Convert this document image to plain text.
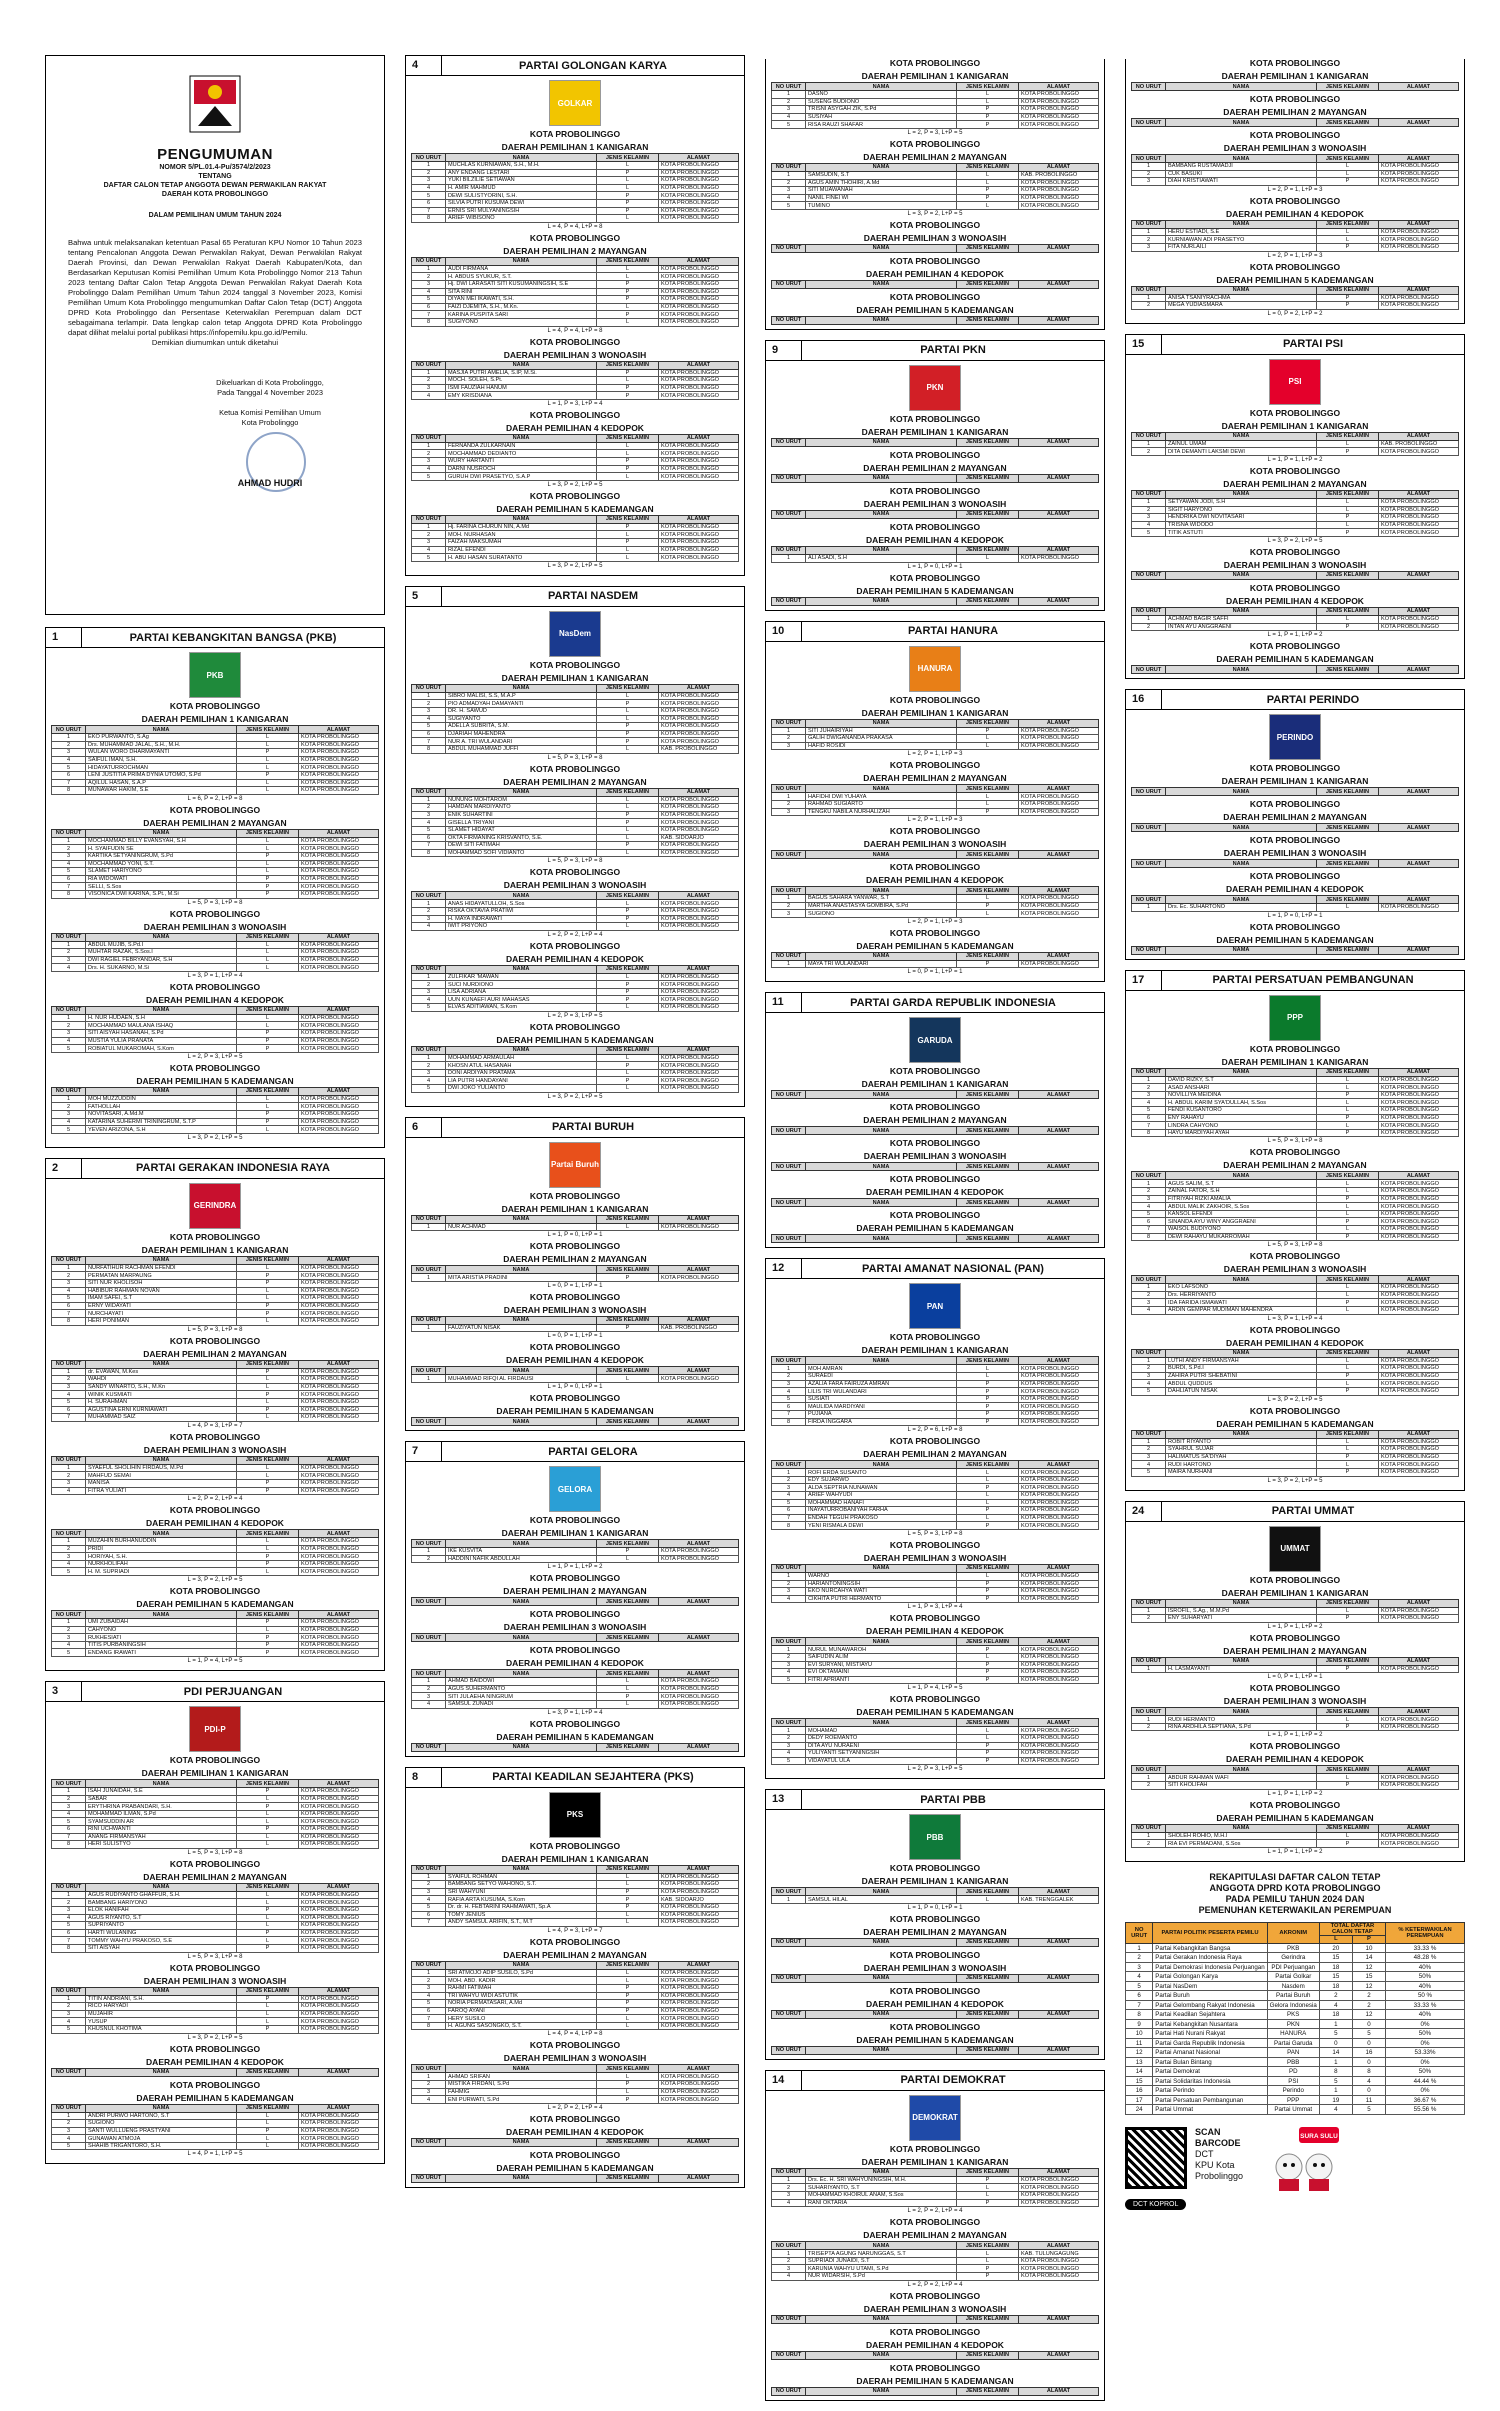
PENGUMUMAN
NOMOR 5/PL.01.4-Pu/3574/2/2023
TENTANG
DAFTAR CALON TETAP ANGGOTA DEWAN PERWAKILAN RAKYAT
DAERAH KOTA PROBOLINGGO
DALAM PEMILIHAN UMUM TAHUN 2024

Bahwa untuk melaksanakan ketentuan Pasal 65 Peraturan KPU Nomor 10 Tahun 2023 tentang Pencalonan Anggota Dewan Perwakilan Rakyat, Dewan Perwakilan Rakyat Daerah Provinsi, dan Dewan Perwakilan Rakyat Daerah Kabupaten/Kota, dan Berdasarkan Keputusan Komisi Pemilihan Umum Kota Probolinggo Nomor 213 Tahun 2023 tentang Daftar Calon Tetap Anggota Dewan Perwakilan Rakyat Daerah Kota Probolinggo Dalam Pemilihan Umum Tahun 2024 tanggal 3 November 2023, Komisi Pemilihan Umum Kota Probolinggo mengumumkan Daftar Calon Tetap (DCT) Anggota DPRD Kota Probolinggo dan Persentase Keterwakilan Perempuan dalam DCT sebagaimana terlampir. Data lengkap calon tetap Anggota DPRD Kota Probolinggo dapat dilihat melalui portal publikasi https://infopemilu.kpu.go.id/Pemilu.

Demikian diumumkan untuk diketahui

Dikeluarkan di Kota Probolinggo,
Pada Tanggal 4 November 2023
Ketua Komisi Pemilihan Umum
Kota Probolinggo
AHMAD HUDRI
1	PARTAI KEBANGKITAN BANGSA (PKB)
PKB
KOTA PROBOLINGGO
DAERAH PEMILIHAN 1 KANIGARAN
NO URUT	NAMA	JENIS KELAMIN	ALAMAT
1	EKO PURWANTO, S.Ag	L	KOTA PROBOLINGGO
2	Drs. MUHAMMAD JALAL, S.H., M.H.	L	KOTA PROBOLINGGO
3	WULAN WORO DHARMAYANTI	P	KOTA PROBOLINGGO
4	SAIFUL IMAN, S.H.	L	KOTA PROBOLINGGO
5	HIDAYATURROCHMAN	L	KOTA PROBOLINGGO
6	LENI JUSTITIA PRIMA DYNIA UTOMO, S.Pd	P	KOTA PROBOLINGGO
7	AQILUL HASAN, S.A.P	L	KOTA PROBOLINGGO
8	MUNAWAR HAKIM, S.E	L	KOTA PROBOLINGGO
L = 6, P = 2, L+P = 8
KOTA PROBOLINGGO
DAERAH PEMILIHAN 2 MAYANGAN
NO URUT	NAMA	JENIS KELAMIN	ALAMAT
1	MOCHAMMAD BILLY EVANSYAH, S.H	L	KOTA PROBOLINGGO
2	H. SYAIFUDIN SE	L	KOTA PROBOLINGGO
3	KARTIKA SETYANINGRUM, S.Pd	P	KOTA PROBOLINGGO
4	MOCHAMMAD YONI, S.T.	L	KOTA PROBOLINGGO
5	SLAMET HARIYONO	L	KOTA PROBOLINGGO
6	RIA WIDOWATI	P	KOTA PROBOLINGGO
7	SELLI, S.Sos	P	KOTA PROBOLINGGO
8	VISONICA DWI KARINA, S.Pt., M.Si	P	KOTA PROBOLINGGO
L = 5, P = 3, L+P = 8
KOTA PROBOLINGGO
DAERAH PEMILIHAN 3 WONOASIH
NO URUT	NAMA	JENIS KELAMIN	ALAMAT
1	ABDUL MUJIB, S.Pd.I	L	KOTA PROBOLINGGO
2	MUHTAR RAZAK, S.Sos.I	L	KOTA PROBOLINGGO
3	DWI RAGIEL FEBRYANDAR, S.H	L	KOTA PROBOLINGGO
4	Drs. H. SUKARNO, M.Si	L	KOTA PROBOLINGGO
L = 3, P = 1, L+P = 4
KOTA PROBOLINGGO
DAERAH PEMILIHAN 4 KEDOPOK
NO URUT	NAMA	JENIS KELAMIN	ALAMAT
1	H. NUR HUDAEN, S.H	L	KOTA PROBOLINGGO
2	MOCHAMMAD MAULANA ISHAQ	L	KOTA PROBOLINGGO
3	SITI AISYAH HASANAH, S.Pd	P	KOTA PROBOLINGGO
4	MUSTIA YULIA PRANATA	P	KOTA PROBOLINGGO
5	ROBIATUL MUKAROMAH, S.Kom	P	KOTA PROBOLINGGO
L = 2, P = 3, L+P = 5
KOTA PROBOLINGGO
DAERAH PEMILIHAN 5 KADEMANGAN
NO URUT	NAMA	JENIS KELAMIN	ALAMAT
1	MOH MUZZUDDIN	L	KOTA PROBOLINGGO
2	FATHOLLAH	L	KOTA PROBOLINGGO
3	NOVITASARI, A.Md.M	P	KOTA PROBOLINGGO
4	KATARINA SUHERMI TRININGRUM, S.T.P	P	KOTA PROBOLINGGO
5	YEVEN ARIZONA, S.H	L	KOTA PROBOLINGGO
L = 3, P = 2, L+P = 5
2	PARTAI GERAKAN INDONESIA RAYA
GERINDRA
KOTA PROBOLINGGO
DAERAH PEMILIHAN 1 KANIGARAN
NO URUT	NAMA	JENIS KELAMIN	ALAMAT
1	NURFATIHUR RACHMAN EFENDI	L	KOTA PROBOLINGGO
2	PERMATAN MARPAUNG	P	KOTA PROBOLINGGO
3	SITI NUR KHOLISOH	P	KOTA PROBOLINGGO
4	HABIBUR RAHMAN NOVAN	L	KOTA PROBOLINGGO
5	IMAM SAFEI, S.T	L	KOTA PROBOLINGGO
6	ERNY WIDAYATI	P	KOTA PROBOLINGGO
7	NURCHAYATI	P	KOTA PROBOLINGGO
8	HERI PONIMAN	L	KOTA PROBOLINGGO
L = 5, P = 3, L+P = 8
KOTA PROBOLINGGO
DAERAH PEMILIHAN 2 MAYANGAN
NO URUT	NAMA	JENIS KELAMIN	ALAMAT
1	dr. EVAWAN, M.Kes	P	KOTA PROBOLINGGO
2	WAHDI	L	KOTA PROBOLINGGO
3	SANDY WINARTO, S.H., M.Kn	L	KOTA PROBOLINGGO
4	WINIK KUSMIATI	P	KOTA PROBOLINGGO
5	H. SURAHMAN	L	KOTA PROBOLINGGO
6	AGUSTINA ERNI KURNIAWATI	P	KOTA PROBOLINGGO
7	MUHAMMAD SAIZ	L	KOTA PROBOLINGGO
L = 4, P = 3, L+P = 7
KOTA PROBOLINGGO
DAERAH PEMILIHAN 3 WONOASIH
NO URUT	NAMA	JENIS KELAMIN	ALAMAT
1	SYAEFUL SHOLIHIN FIRDAUS, M.Pd	L	KOTA PROBOLINGGO
2	MAHFUD SEMAI	L	KOTA PROBOLINGGO
3	MANISA	P	KOTA PROBOLINGGO
4	FITRA YULIATI	P	KOTA PROBOLINGGO
L = 2, P = 2, L+P = 4
KOTA PROBOLINGGO
DAERAH PEMILIHAN 4 KEDOPOK
NO URUT	NAMA	JENIS KELAMIN	ALAMAT
1	MUZAHIN BURHANUDDIN	L	KOTA PROBOLINGGO
2	PRIDI	L	KOTA PROBOLINGGO
3	HORIYAH, S.H.	P	KOTA PROBOLINGGO
4	NURKHOLIFAH	P	KOTA PROBOLINGGO
5	H. M. SUPRIADI	L	KOTA PROBOLINGGO
L = 3, P = 2, L+P = 5
KOTA PROBOLINGGO
DAERAH PEMILIHAN 5 KADEMANGAN
NO URUT	NAMA	JENIS KELAMIN	ALAMAT
1	UMI ZUBAIDAH	P	KOTA PROBOLINGGO
2	CAHYONO	L	KOTA PROBOLINGGO
3	RUKHESIATI	P	KOTA PROBOLINGGO
4	TITIS PURBANINGSIH	P	KOTA PROBOLINGGO
5	ENDANG IRAWATI	P	KOTA PROBOLINGGO
L = 1, P = 4, L+P = 5
3	PDI PERJUANGAN
PDI-P
KOTA PROBOLINGGO
DAERAH PEMILIHAN 1 KANIGARAN
NO URUT	NAMA	JENIS KELAMIN	ALAMAT
1	ISAH JUNAIDAH, S.E	P	KOTA PROBOLINGGO
2	SABAR	L	KOTA PROBOLINGGO
3	ERYTHRINA PRABANDARI, S.H.	P	KOTA PROBOLINGGO
4	MOHAMMAD ILMAN, S.Pd	L	KOTA PROBOLINGGO
5	SYAMSUDDIN AR	L	KOTA PROBOLINGGO
6	RINI UCHWANTI	P	KOTA PROBOLINGGO
7	ANANG FIRMANSYAH	L	KOTA PROBOLINGGO
8	HERI SULISTYO	L	KOTA PROBOLINGGO
L = 5, P = 3, L+P = 8
KOTA PROBOLINGGO
DAERAH PEMILIHAN 2 MAYANGAN
NO URUT	NAMA	JENIS KELAMIN	ALAMAT
1	AGUS RUDIYANTO GHAFFUR, S.H.	L	KOTA PROBOLINGGO
2	BAMBANG HARIYONO	L	KOTA PROBOLINGGO
3	ELOK HANIFAH	P	KOTA PROBOLINGGO
4	AGUS RIYANTO, S.T	L	KOTA PROBOLINGGO
5	SUPRIYANTO	L	KOTA PROBOLINGGO
6	HARTI WULANING	P	KOTA PROBOLINGGO
7	TOMMY WAHYU PRAKOSO, S.E	L	KOTA PROBOLINGGO
8	SITI AISYAH	P	KOTA PROBOLINGGO
L = 5, P = 3, L+P = 8
KOTA PROBOLINGGO
DAERAH PEMILIHAN 3 WONOASIH
NO URUT	NAMA	JENIS KELAMIN	ALAMAT
1	TITIN ANDRIANI, S.H.	P	KOTA PROBOLINGGO
2	RICO HARYADI	L	KOTA PROBOLINGGO
3	MUJAHIR	L	KOTA PROBOLINGGO
4	YUSUP	L	KOTA PROBOLINGGO
5	KHUSNUL KHOTIMA	P	KOTA PROBOLINGGO
L = 3, P = 2, L+P = 5
KOTA PROBOLINGGO
DAERAH PEMILIHAN 4 KEDOPOK
NO URUT	NAMA	JENIS KELAMIN	ALAMAT
KOTA PROBOLINGGO
DAERAH PEMILIHAN 5 KADEMANGAN
NO URUT	NAMA	JENIS KELAMIN	ALAMAT
1	ANDRI PURWO HARTONO, S.T	L	KOTA PROBOLINGGO
2	SUGIONO	L	KOTA PROBOLINGGO
3	SANTI WULLUENG PRASTYANI	P	KOTA PROBOLINGGO
4	GUNAWAN ATMOJA	L	KOTA PROBOLINGGO
5	SHAHIB TRIGANTORO, S.H.	L	KOTA PROBOLINGGO
L = 4, P = 1, L+P = 5
4	PARTAI GOLONGAN KARYA
GOLKAR
KOTA PROBOLINGGO
DAERAH PEMILIHAN 1 KANIGARAN
NO URUT	NAMA	JENIS KELAMIN	ALAMAT
1	MUCHLAS KURNIAWAN, S.H., M.H.	L	KOTA PROBOLINGGO
2	ANY ENDANG LESTARI	P	KOTA PROBOLINGGO
3	YUKI BILZILIE SETIAWAN	L	KOTA PROBOLINGGO
4	H. AMIR MAHMUD	L	KOTA PROBOLINGGO
5	DEWI SULISTYORINI, S.H.	P	KOTA PROBOLINGGO
6	SILVIA PUTRI KUSUMA DEWI	P	KOTA PROBOLINGGO
7	ERNIS SRI MULYANINGSIH	P	KOTA PROBOLINGGO
8	ARIEF WIBISONO	L	KOTA PROBOLINGGO
L = 4, P = 4, L+P = 8
KOTA PROBOLINGGO
DAERAH PEMILIHAN 2 MAYANGAN
NO URUT	NAMA	JENIS KELAMIN	ALAMAT
1	AUDI FIRMANA	L	KOTA PROBOLINGGO
2	H. ABDUS SYUKUR, S.T.	L	KOTA PROBOLINGGO
3	Hj. DWI LARASATI SITI KUSUMANINGSIH, S.E	P	KOTA PROBOLINGGO
4	SITA RINI	P	KOTA PROBOLINGGO
5	DIYAN MEI IKAWATI, S.H.	P	KOTA PROBOLINGGO
6	FAIZI DJEMITA, S.H., M.Kn.	L	KOTA PROBOLINGGO
7	KARINA PUSPITA SARI	P	KOTA PROBOLINGGO
8	SUGIYONO	L	KOTA PROBOLINGGO
L = 4, P = 4, L+P = 8
KOTA PROBOLINGGO
DAERAH PEMILIHAN 3 WONOASIH
NO URUT	NAMA	JENIS KELAMIN	ALAMAT
1	MASJIA PUTRI AMELIA, S.IP, M.Si.	P	KOTA PROBOLINGGO
2	MOCH. SOLEH, S.Pt.	L	KOTA PROBOLINGGO
3	ISMI FAUZIAH HANUM	P	KOTA PROBOLINGGO
4	EMY KRISDIANA	P	KOTA PROBOLINGGO
L = 1, P = 3, L+P = 4
KOTA PROBOLINGGO
DAERAH PEMILIHAN 4 KEDOPOK
NO URUT	NAMA	JENIS KELAMIN	ALAMAT
1	FERNANDA ZULKARNAIN	L	KOTA PROBOLINGGO
2	MOCHAMMAD DEDIANTO	L	KOTA PROBOLINGGO
3	WURY HARTANTI	P	KOTA PROBOLINGGO
4	DARNI NUSROCH	P	KOTA PROBOLINGGO
5	GURUH DWI PRASETYO, S.A.P	L	KOTA PROBOLINGGO
L = 3, P = 2, L+P = 5
KOTA PROBOLINGGO
DAERAH PEMILIHAN 5 KADEMANGAN
NO URUT	NAMA	JENIS KELAMIN	ALAMAT
1	Hj. FARINA CHURUN NIN, A.Md	P	KOTA PROBOLINGGO
2	MOH. NURHASAN	L	KOTA PROBOLINGGO
3	FAIZAH MAKSUMAH	P	KOTA PROBOLINGGO
4	RIZAL EFENDI	L	KOTA PROBOLINGGO
5	H. ABU HASAN SURATANTO	L	KOTA PROBOLINGGO
L = 3, P = 2, L+P = 5
5	PARTAI NASDEM
NasDem
KOTA PROBOLINGGO
DAERAH PEMILIHAN 1 KANIGARAN
NO URUT	NAMA	JENIS KELAMIN	ALAMAT
1	SIBRO MALISI, S.S, M.A.P	L	KOTA PROBOLINGGO
2	PIO ADMADYAH DAMAYANTI	P	KOTA PROBOLINGGO
3	DR. H. SAWUD	L	KOTA PROBOLINGGO
4	SUGIYANTO	L	KOTA PROBOLINGGO
5	ADELLA SUBRITA, S.M.	P	KOTA PROBOLINGGO
6	DJARIAH MAHENDRA	P	KOTA PROBOLINGGO
7	NUR A. TRI WULANDARI	P	KOTA PROBOLINGGO
8	ABDUL MUHAMMAD JUFFI	L	KAB. PROBOLINGGO
L = 5, P = 3, L+P = 8
KOTA PROBOLINGGO
DAERAH PEMILIHAN 2 MAYANGAN
NO URUT	NAMA	JENIS KELAMIN	ALAMAT
1	NUNUNG MOHTAROM	L	KOTA PROBOLINGGO
2	HAMDAN MARDIYANTO	L	KOTA PROBOLINGGO
3	ENIK SUHARTINI	P	KOTA PROBOLINGGO
4	GISELLA TRIYANI	P	KOTA PROBOLINGGO
5	SLAMET HIDAYAT	L	KOTA PROBOLINGGO
6	OKTA FIRMANING KRISVANTO, S.E.	L	KAB. SIDOARJO
7	DEWI SITI FATIMAH	P	KOTA PROBOLINGGO
8	MOHAMMAD SOFI VIDIANTO	L	KOTA PROBOLINGGO
L = 5, P = 3, L+P = 8
KOTA PROBOLINGGO
DAERAH PEMILIHAN 3 WONOASIH
NO URUT	NAMA	JENIS KELAMIN	ALAMAT
1	ANAS HIDAYATULLOH, S.Sos	L	KOTA PROBOLINGGO
2	RISKA OKTAVIA PRATIWI	P	KOTA PROBOLINGGO
3	H. MAYA INDRAWATI	P	KOTA PROBOLINGGO
4	IWIT PRIYONO	L	KOTA PROBOLINGGO
L = 2, P = 2, L+P = 4
KOTA PROBOLINGGO
DAERAH PEMILIHAN 4 KEDOPOK
NO URUT	NAMA	JENIS KELAMIN	ALAMAT
1	ZULFIKAR 'MAWAN	L	KOTA PROBOLINGGO
2	SUCI NURDIONO	P	KOTA PROBOLINGGO
3	LISA ADRIANA	P	KOTA PROBOLINGGO
4	UUN KUNAEFI AURI MAHASAS	P	KOTA PROBOLINGGO
5	ELVAS ADITIAWAN, S.Kom	L	KOTA PROBOLINGGO
L = 2, P = 3, L+P = 5
KOTA PROBOLINGGO
DAERAH PEMILIHAN 5 KADEMANGAN
NO URUT	NAMA	JENIS KELAMIN	ALAMAT
1	MOHAMMAD ARMAULAH	L	KOTA PROBOLINGGO
2	KHOSN ATUL HASANAH	P	KOTA PROBOLINGGO
3	DONI ARDIYAN PRATAMA	L	KOTA PROBOLINGGO
4	LIA PUTRI HANDAYANI	P	KOTA PROBOLINGGO
5	DWI JOKO YULIANTO	L	KOTA PROBOLINGGO
L = 3, P = 2, L+P = 5
6	PARTAI BURUH
Partai Buruh
KOTA PROBOLINGGO
DAERAH PEMILIHAN 1 KANIGARAN
NO URUT	NAMA	JENIS KELAMIN	ALAMAT
1	NUR ACHMAD	L	KOTA PROBOLINGGO
L = 1, P = 0, L+P = 1
KOTA PROBOLINGGO
DAERAH PEMILIHAN 2 MAYANGAN
NO URUT	NAMA	JENIS KELAMIN	ALAMAT
1	MITA ARISTIA PRADINI	P	KOTA PROBOLINGGO
L = 0, P = 1, L+P = 1
KOTA PROBOLINGGO
DAERAH PEMILIHAN 3 WONOASIH
NO URUT	NAMA	JENIS KELAMIN	ALAMAT
1	FAUZIYATUN NISAK	P	KAB. PROBOLINGGO
L = 0, P = 1, L+P = 1
KOTA PROBOLINGGO
DAERAH PEMILIHAN 4 KEDOPOK
NO URUT	NAMA	JENIS KELAMIN	ALAMAT
1	MUHAMMAD RIFQI AL FIRDAUSI	L	KOTA PROBOLINGGO
L = 1, P = 0, L+P = 1
KOTA PROBOLINGGO
DAERAH PEMILIHAN 5 KADEMANGAN
NO URUT	NAMA	JENIS KELAMIN	ALAMAT
7	PARTAI GELORA
GELORA
KOTA PROBOLINGGO
DAERAH PEMILIHAN 1 KANIGARAN
NO URUT	NAMA	JENIS KELAMIN	ALAMAT
1	IKE KUSVITA	P	KOTA PROBOLINGGO
2	HADDINI NAFIK ABDULLAH	L	KOTA PROBOLINGGO
L = 1, P = 1, L+P = 2
KOTA PROBOLINGGO
DAERAH PEMILIHAN 2 MAYANGAN
NO URUT	NAMA	JENIS KELAMIN	ALAMAT
KOTA PROBOLINGGO
DAERAH PEMILIHAN 3 WONOASIH
NO URUT	NAMA	JENIS KELAMIN	ALAMAT
KOTA PROBOLINGGO
DAERAH PEMILIHAN 4 KEDOPOK
NO URUT	NAMA	JENIS KELAMIN	ALAMAT
1	AHMAD BAIDOWI	L	KOTA PROBOLINGGO
2	AGUS SUHERMANTO	L	KOTA PROBOLINGGO
3	SITI JULAEHA NINGRUM	P	KOTA PROBOLINGGO
4	SAMSUL ZUNADI	L	KOTA PROBOLINGGO
L = 3, P = 1, L+P = 4
KOTA PROBOLINGGO
DAERAH PEMILIHAN 5 KADEMANGAN
NO URUT	NAMA	JENIS KELAMIN	ALAMAT
8	PARTAI KEADILAN SEJAHTERA (PKS)
PKS
KOTA PROBOLINGGO
DAERAH PEMILIHAN 1 KANIGARAN
NO URUT	NAMA	JENIS KELAMIN	ALAMAT
1	SYAIFUL ROHMAN	L	KOTA PROBOLINGGO
2	BAMBANG SETYO WAHONO, S.T.	L	KOTA PROBOLINGGO
3	SRI WAHYUNI	P	KOTA PROBOLINGGO
4	RAFIA ARTA KUSUMA, S.Kom	P	KAB. SIDOARJO
5	Dr. dr. H. FEBTARINI RAHMAWATI, Sp.A	P	KOTA PROBOLINGGO
6	TOMY JENIUS	L	KOTA PROBOLINGGO
7	ANDY SAMSUL ARIFIN, S.T., M.T	L	KOTA PROBOLINGGO
L = 4, P = 3, L+P = 7
KOTA PROBOLINGGO
DAERAH PEMILIHAN 2 MAYANGAN
NO URUT	NAMA	JENIS KELAMIN	ALAMAT
1	SRI ATMOJO ADIP SUSILO, S.Pd	L	KOTA PROBOLINGGO
2	MOH. ABD. KADIR	L	KOTA PROBOLINGGO
3	RAHMI FATIMAH	P	KOTA PROBOLINGGO
4	TRI WAHYU WIDI ASTUTIK	P	KOTA PROBOLINGGO
5	NORIA PERMATASARI, A.Md	P	KOTA PROBOLINGGO
6	FAROQ AYANI	P	KOTA PROBOLINGGO
7	HERY SUSILO	L	KOTA PROBOLINGGO
8	H. AGUNG SASONGKO, S.T.	L	KOTA PROBOLINGGO
L = 4, P = 4, L+P = 8
KOTA PROBOLINGGO
DAERAH PEMILIHAN 3 WONOASIH
NO URUT	NAMA	JENIS KELAMIN	ALAMAT
1	AHMAD SRIFAN	L	KOTA PROBOLINGGO
2	MISTIKA FIRDANI, S.Pd	P	KOTA PROBOLINGGO
3	FAHMIG	L	KOTA PROBOLINGGO
4	ENI PURWATI, S.Pd	P	KOTA PROBOLINGGO
L = 2, P = 2, L+P = 4
KOTA PROBOLINGGO
DAERAH PEMILIHAN 4 KEDOPOK
NO URUT	NAMA	JENIS KELAMIN	ALAMAT
KOTA PROBOLINGGO
DAERAH PEMILIHAN 5 KADEMANGAN
NO URUT	NAMA	JENIS KELAMIN	ALAMAT
KOTA PROBOLINGGO
DAERAH PEMILIHAN 1 KANIGARAN
NO URUT	NAMA	JENIS KELAMIN	ALAMAT
1	DASNO	L	KOTA PROBOLINGGO
2	SUSENG BUDIONO	L	KOTA PROBOLINGGO
3	TRISNI ASYGAH ZIK, S.Pd	P	KOTA PROBOLINGGO
4	SUSIYAH	P	KOTA PROBOLINGGO
5	RISA RAUZI SHAFAR	P	KOTA PROBOLINGGO
L = 2, P = 3, L+P = 5
KOTA PROBOLINGGO
DAERAH PEMILIHAN 2 MAYANGAN
NO URUT	NAMA	JENIS KELAMIN	ALAMAT
1	SAMSUDIN, S.T	L	KAB. PROBOLINGGO
2	AGUS AMIN THOHIRI, A.Md	L	KOTA PROBOLINGGO
3	SITI MUAWANAH	P	KOTA PROBOLINGGO
4	NANIL FINEI WI	P	KOTA PROBOLINGGO
5	TUMINO	L	KOTA PROBOLINGGO
L = 3, P = 2, L+P = 5
KOTA PROBOLINGGO
DAERAH PEMILIHAN 3 WONOASIH
NO URUT	NAMA	JENIS KELAMIN	ALAMAT
KOTA PROBOLINGGO
DAERAH PEMILIHAN 4 KEDOPOK
NO URUT	NAMA	JENIS KELAMIN	ALAMAT
KOTA PROBOLINGGO
DAERAH PEMILIHAN 5 KADEMANGAN
NO URUT	NAMA	JENIS KELAMIN	ALAMAT
9	PARTAI PKN
PKN
KOTA PROBOLINGGO
DAERAH PEMILIHAN 1 KANIGARAN
NO URUT	NAMA	JENIS KELAMIN	ALAMAT
KOTA PROBOLINGGO
DAERAH PEMILIHAN 2 MAYANGAN
NO URUT	NAMA	JENIS KELAMIN	ALAMAT
KOTA PROBOLINGGO
DAERAH PEMILIHAN 3 WONOASIH
NO URUT	NAMA	JENIS KELAMIN	ALAMAT
KOTA PROBOLINGGO
DAERAH PEMILIHAN 4 KEDOPOK
NO URUT	NAMA	JENIS KELAMIN	ALAMAT
1	ALI ASADI, S.H	L	KOTA PROBOLINGGO
L = 1, P = 0, L+P = 1
KOTA PROBOLINGGO
DAERAH PEMILIHAN 5 KADEMANGAN
NO URUT	NAMA	JENIS KELAMIN	ALAMAT
10	PARTAI HANURA
HANURA
KOTA PROBOLINGGO
DAERAH PEMILIHAN 1 KANIGARAN
NO URUT	NAMA	JENIS KELAMIN	ALAMAT
1	SITI JUHAIRIYAH	P	KOTA PROBOLINGGO
2	GALIH DWIGANANDA PRAKASA	L	KOTA PROBOLINGGO
3	HAFID ROSIDI	L	KOTA PROBOLINGGO
L = 2, P = 1, L+P = 3
KOTA PROBOLINGGO
DAERAH PEMILIHAN 2 MAYANGAN
NO URUT	NAMA	JENIS KELAMIN	ALAMAT
1	HAFIDHI DWI YUHAYA	L	KOTA PROBOLINGGO
2	RAHMAD SUGIARTO	L	KOTA PROBOLINGGO
3	TENGKU NABILA NURHALIZAH	P	KOTA PROBOLINGGO
L = 2, P = 1, L+P = 3
KOTA PROBOLINGGO
DAERAH PEMILIHAN 3 WONOASIH
NO URUT	NAMA	JENIS KELAMIN	ALAMAT
KOTA PROBOLINGGO
DAERAH PEMILIHAN 4 KEDOPOK
NO URUT	NAMA	JENIS KELAMIN	ALAMAT
1	BAGUS SAHARA YANWAR, S.T	L	KOTA PROBOLINGGO
2	MARTHA ANASTASYA GOMBIRA, S.Pd	P	KOTA PROBOLINGGO
3	SUGIONO	L	KOTA PROBOLINGGO
L = 2, P = 1, L+P = 3
KOTA PROBOLINGGO
DAERAH PEMILIHAN 5 KADEMANGAN
NO URUT	NAMA	JENIS KELAMIN	ALAMAT
1	MAYA TRI WULANDARI	P	KOTA PROBOLINGGO
L = 0, P = 1, L+P = 1
11	PARTAI GARDA REPUBLIK INDONESIA
GARUDA
KOTA PROBOLINGGO
DAERAH PEMILIHAN 1 KANIGARAN
NO URUT	NAMA	JENIS KELAMIN	ALAMAT
KOTA PROBOLINGGO
DAERAH PEMILIHAN 2 MAYANGAN
NO URUT	NAMA	JENIS KELAMIN	ALAMAT
KOTA PROBOLINGGO
DAERAH PEMILIHAN 3 WONOASIH
NO URUT	NAMA	JENIS KELAMIN	ALAMAT
KOTA PROBOLINGGO
DAERAH PEMILIHAN 4 KEDOPOK
NO URUT	NAMA	JENIS KELAMIN	ALAMAT
KOTA PROBOLINGGO
DAERAH PEMILIHAN 5 KADEMANGAN
NO URUT	NAMA	JENIS KELAMIN	ALAMAT
12	PARTAI AMANAT NASIONAL (PAN)
PAN
KOTA PROBOLINGGO
DAERAH PEMILIHAN 1 KANIGARAN
NO URUT	NAMA	JENIS KELAMIN	ALAMAT
1	MOH AMRAN	L	KOTA PROBOLINGGO
2	SURAEDI	L	KOTA PROBOLINGGO
3	AZALIA FARA FAIRUZA AMRAN	P	KOTA PROBOLINGGO
4	LILIS TRI WULANDARI	P	KOTA PROBOLINGGO
5	SUSIATI	P	KOTA PROBOLINGGO
6	MAULIDA MARDIYANI	P	KOTA PROBOLINGGO
7	PUJIANA	P	KOTA PROBOLINGGO
8	FIRDA INGGARA	P	KOTA PROBOLINGGO
L = 2, P = 6, L+P = 8
KOTA PROBOLINGGO
DAERAH PEMILIHAN 2 MAYANGAN
NO URUT	NAMA	JENIS KELAMIN	ALAMAT
1	ROFI ERDA SUSANTO	L	KOTA PROBOLINGGO
2	EDY SUJARWO	L	KOTA PROBOLINGGO
3	ALDA SEPTRIA NUNAWAN	P	KOTA PROBOLINGGO
4	ARIEF WAHYUDI	L	KOTA PROBOLINGGO
5	MOHAMMAD HANAFI	L	KOTA PROBOLINGGO
6	INAYATURROBANIYAH FARHA	P	KOTA PROBOLINGGO
7	ENDAH TEGUH PRAKOSO	L	KOTA PROBOLINGGO
8	YENI RISMALA DEWI	P	KOTA PROBOLINGGO
L = 5, P = 3, L+P = 8
KOTA PROBOLINGGO
DAERAH PEMILIHAN 3 WONOASIH
NO URUT	NAMA	JENIS KELAMIN	ALAMAT
1	WARNO	L	KOTA PROBOLINGGO
2	HARIANTONINGSIH	P	KOTA PROBOLINGGO
3	EKO NURCAHYA WATI	P	KOTA PROBOLINGGO
4	CIKHITA PUTRI HERMANTO	P	KOTA PROBOLINGGO
L = 1, P = 3, L+P = 4
KOTA PROBOLINGGO
DAERAH PEMILIHAN 4 KEDOPOK
NO URUT	NAMA	JENIS KELAMIN	ALAMAT
1	NURUL MUNAWAROH	P	KOTA PROBOLINGGO
2	SAIFUDIN ALIM	L	KOTA PROBOLINGGO
3	EVI SURYANI, MISTIAYU	P	KOTA PROBOLINGGO
4	EVI OKTAMAINI	P	KOTA PROBOLINGGO
5	FITRI APRIANTI	P	KOTA PROBOLINGGO
L = 1, P = 4, L+P = 5
KOTA PROBOLINGGO
DAERAH PEMILIHAN 5 KADEMANGAN
NO URUT	NAMA	JENIS KELAMIN	ALAMAT
1	MOHAMAD	L	KOTA PROBOLINGGO
2	DEDY ROEMANTO	L	KOTA PROBOLINGGO
3	DITA AYU NURAENI	P	KOTA PROBOLINGGO
4	YULIYANTI SETYANINGSIH	P	KOTA PROBOLINGGO
5	VIDAYATUL ULA	P	KOTA PROBOLINGGO
L = 2, P = 3, L+P = 5
13	PARTAI PBB
PBB
KOTA PROBOLINGGO
DAERAH PEMILIHAN 1 KANIGARAN
NO URUT	NAMA	JENIS KELAMIN	ALAMAT
1	SAMSUL HILAL	L	KAB. TRENGGALEK
L = 1, P = 0, L+P = 1
KOTA PROBOLINGGO
DAERAH PEMILIHAN 2 MAYANGAN
NO URUT	NAMA	JENIS KELAMIN	ALAMAT
KOTA PROBOLINGGO
DAERAH PEMILIHAN 3 WONOASIH
NO URUT	NAMA	JENIS KELAMIN	ALAMAT
KOTA PROBOLINGGO
DAERAH PEMILIHAN 4 KEDOPOK
NO URUT	NAMA	JENIS KELAMIN	ALAMAT
KOTA PROBOLINGGO
DAERAH PEMILIHAN 5 KADEMANGAN
NO URUT	NAMA	JENIS KELAMIN	ALAMAT
14	PARTAI DEMOKRAT
DEMOKRAT
KOTA PROBOLINGGO
DAERAH PEMILIHAN 1 KANIGARAN
NO URUT	NAMA	JENIS KELAMIN	ALAMAT
1	Drs. Ec. H. SRI WAHYUNINGSIH, M.H.	P	KOTA PROBOLINGGO
2	SUHARIYANTO, S.T	L	KOTA PROBOLINGGO
3	MOHAMMAD KHOIRUL ANAM, S.Sos	L	KOTA PROBOLINGGO
4	RANI OKTARIA	P	KOTA PROBOLINGGO
L = 2, P = 2, L+P = 4
KOTA PROBOLINGGO
DAERAH PEMILIHAN 2 MAYANGAN
NO URUT	NAMA	JENIS KELAMIN	ALAMAT
1	TRISEPTA AGUNG NARUNGGAS, S.T	L	KAB. TULUNGAGUNG
2	SUPRIADI JUNAIDI, S.T	L	KOTA PROBOLINGGO
3	KARUNIA WAHYU UTAMI, S.Pd	P	KOTA PROBOLINGGO
4	NUR WIDARSIH, S.Pd	P	KOTA PROBOLINGGO
L = 2, P = 2, L+P = 4
KOTA PROBOLINGGO
DAERAH PEMILIHAN 3 WONOASIH
NO URUT	NAMA	JENIS KELAMIN	ALAMAT
KOTA PROBOLINGGO
DAERAH PEMILIHAN 4 KEDOPOK
NO URUT	NAMA	JENIS KELAMIN	ALAMAT
KOTA PROBOLINGGO
DAERAH PEMILIHAN 5 KADEMANGAN
NO URUT	NAMA	JENIS KELAMIN	ALAMAT
KOTA PROBOLINGGO
DAERAH PEMILIHAN 1 KANIGARAN
NO URUT	NAMA	JENIS KELAMIN	ALAMAT
KOTA PROBOLINGGO
DAERAH PEMILIHAN 2 MAYANGAN
NO URUT	NAMA	JENIS KELAMIN	ALAMAT
KOTA PROBOLINGGO
DAERAH PEMILIHAN 3 WONOASIH
NO URUT	NAMA	JENIS KELAMIN	ALAMAT
1	BAMBANG RUSTAMADJI	L	KOTA PROBOLINGGO
2	CUK BASUKI	L	KOTA PROBOLINGGO
3	DIAH KRISTIAWATI	P	KOTA PROBOLINGGO
L = 2, P = 1, L+P = 3
KOTA PROBOLINGGO
DAERAH PEMILIHAN 4 KEDOPOK
NO URUT	NAMA	JENIS KELAMIN	ALAMAT
1	HERU ESTIADI, S.E	L	KOTA PROBOLINGGO
2	KURNIAWAN ADI PRASETYO	L	KOTA PROBOLINGGO
3	FITA NURLAILI	P	KOTA PROBOLINGGO
L = 2, P = 1, L+P = 3
KOTA PROBOLINGGO
DAERAH PEMILIHAN 5 KADEMANGAN
NO URUT	NAMA	JENIS KELAMIN	ALAMAT
1	ANISA TSANIYRACHMA	P	KOTA PROBOLINGGO
2	MEGA YUDIASMARA	P	KOTA PROBOLINGGO
L = 0, P = 2, L+P = 2
15	PARTAI PSI
PSI
KOTA PROBOLINGGO
DAERAH PEMILIHAN 1 KANIGARAN
NO URUT	NAMA	JENIS KELAMIN	ALAMAT
1	ZAINUL UMAM	L	KAB. PROBOLINGGO
2	DITA DEMANTI LAKSMI DEWI	P	KOTA PROBOLINGGO
L = 1, P = 1, L+P = 2
KOTA PROBOLINGGO
DAERAH PEMILIHAN 2 MAYANGAN
NO URUT	NAMA	JENIS KELAMIN	ALAMAT
1	SETYAWAN JODI, S.H	L	KOTA PROBOLINGGO
2	SIGIT HARYONO	L	KOTA PROBOLINGGO
3	HENDRIKA DWI NOVITASARI	P	KOTA PROBOLINGGO
4	TRISNA WIDODO	L	KOTA PROBOLINGGO
5	TITIK ASTUTI	P	KOTA PROBOLINGGO
L = 3, P = 2, L+P = 5
KOTA PROBOLINGGO
DAERAH PEMILIHAN 3 WONOASIH
NO URUT	NAMA	JENIS KELAMIN	ALAMAT
KOTA PROBOLINGGO
DAERAH PEMILIHAN 4 KEDOPOK
NO URUT	NAMA	JENIS KELAMIN	ALAMAT
1	ACHMAD BAGIR SAFFI	L	KOTA PROBOLINGGO
2	INTAN AYU ANGGRAENI	P	KOTA PROBOLINGGO
L = 1, P = 1, L+P = 2
KOTA PROBOLINGGO
DAERAH PEMILIHAN 5 KADEMANGAN
NO URUT	NAMA	JENIS KELAMIN	ALAMAT
16	PARTAI PERINDO
PERINDO
KOTA PROBOLINGGO
DAERAH PEMILIHAN 1 KANIGARAN
NO URUT	NAMA	JENIS KELAMIN	ALAMAT
KOTA PROBOLINGGO
DAERAH PEMILIHAN 2 MAYANGAN
NO URUT	NAMA	JENIS KELAMIN	ALAMAT
KOTA PROBOLINGGO
DAERAH PEMILIHAN 3 WONOASIH
NO URUT	NAMA	JENIS KELAMIN	ALAMAT
KOTA PROBOLINGGO
DAERAH PEMILIHAN 4 KEDOPOK
NO URUT	NAMA	JENIS KELAMIN	ALAMAT
1	Drs. Ec. SUHARTONO	L	KOTA PROBOLINGGO
L = 1, P = 0, L+P = 1
KOTA PROBOLINGGO
DAERAH PEMILIHAN 5 KADEMANGAN
NO URUT	NAMA	JENIS KELAMIN	ALAMAT
17	PARTAI PERSATUAN PEMBANGUNAN
PPP
KOTA PROBOLINGGO
DAERAH PEMILIHAN 1 KANIGARAN
NO URUT	NAMA	JENIS KELAMIN	ALAMAT
1	DAVID RIZKY, S.T	L	KOTA PROBOLINGGO
2	ASAD ANSHARI	L	KOTA PROBOLINGGO
3	NOVILLIYA MEIDINA	P	KOTA PROBOLINGGO
4	H. ABDUL KARIM SYA'DULLAH, S.Sos	L	KOTA PROBOLINGGO
5	FENDI KUSANTORO	L	KOTA PROBOLINGGO
6	ENY RAHAYU	P	KOTA PROBOLINGGO
7	LINDRA CAHYONO	L	KOTA PROBOLINGGO
8	HAYU MARDIYAH AYAH	P	KOTA PROBOLINGGO
L = 5, P = 3, L+P = 8
KOTA PROBOLINGGO
DAERAH PEMILIHAN 2 MAYANGAN
NO URUT	NAMA	JENIS KELAMIN	ALAMAT
1	AGUS SALIM, S.T	L	KOTA PROBOLINGGO
2	ZAINAL FATOR, S.H	L	KOTA PROBOLINGGO
3	FITRIYAH RIZKI AMALIA	P	KOTA PROBOLINGGO
4	ABDUL MALIK ZAKHOIR, S.Sos	L	KOTA PROBOLINGGO
5	KANSOL EFENDI	L	KOTA PROBOLINGGO
6	SINANDA AYU WINY ANGGRAENI	P	KOTA PROBOLINGGO
7	WAISOL BUDIYONO	L	KOTA PROBOLINGGO
8	DEWI RAHAYU MUKARROMAH	P	KOTA PROBOLINGGO
L = 5, P = 3, L+P = 8
KOTA PROBOLINGGO
DAERAH PEMILIHAN 3 WONOASIH
NO URUT	NAMA	JENIS KELAMIN	ALAMAT
1	EKO LAFSONO	L	KOTA PROBOLINGGO
2	Drs. HERRIYANTO	L	KOTA PROBOLINGGO
3	IDA FARIDA ISMAWATI	P	KOTA PROBOLINGGO
4	ARDIN GEMPAR MUDIMAN MAHENDRA	L	KOTA PROBOLINGGO
L = 3, P = 1, L+P = 4
KOTA PROBOLINGGO
DAERAH PEMILIHAN 4 KEDOPOK
NO URUT	NAMA	JENIS KELAMIN	ALAMAT
1	LUTHI ANDY FIRMANSYAH	L	KOTA PROBOLINGGO
2	BURDI, S.Pd.I	L	KOTA PROBOLINGGO
3	ZAHIRA PUTRI SHEBATINI	P	KOTA PROBOLINGGO
4	ABDUL QUDDUS	L	KOTA PROBOLINGGO
5	DAHLIATUN NISAK	P	KOTA PROBOLINGGO
L = 3, P = 2, L+P = 5
KOTA PROBOLINGGO
DAERAH PEMILIHAN 5 KADEMANGAN
NO URUT	NAMA	JENIS KELAMIN	ALAMAT
1	ROBIT RIYANTO	L	KOTA PROBOLINGGO
2	SYAHRUL SUJAR	L	KOTA PROBOLINGGO
3	HALIMATUS SA'DIYAH	P	KOTA PROBOLINGGO
4	RUDI HARTONO	L	KOTA PROBOLINGGO
5	MAIRA NURHANI	P	KOTA PROBOLINGGO
L = 3, P = 2, L+P = 5
24	PARTAI UMMAT
UMMAT
KOTA PROBOLINGGO
DAERAH PEMILIHAN 1 KANIGARAN
NO URUT	NAMA	JENIS KELAMIN	ALAMAT
1	ISROFIL, S.Ag., M.M.Pd	L	KOTA PROBOLINGGO
2	ENY SUHARYATI	P	KOTA PROBOLINGGO
L = 1, P = 1, L+P = 2
KOTA PROBOLINGGO
DAERAH PEMILIHAN 2 MAYANGAN
NO URUT	NAMA	JENIS KELAMIN	ALAMAT
1	H. LASMAYANTI	P	KOTA PROBOLINGGO
L = 0, P = 1, L+P = 1
KOTA PROBOLINGGO
DAERAH PEMILIHAN 3 WONOASIH
NO URUT	NAMA	JENIS KELAMIN	ALAMAT
1	RUDI HERMANTO	L	KOTA PROBOLINGGO
2	RINA ARDHILA SEPTIANA, S.Pd	P	KOTA PROBOLINGGO
L = 1, P = 1, L+P = 2
KOTA PROBOLINGGO
DAERAH PEMILIHAN 4 KEDOPOK
NO URUT	NAMA	JENIS KELAMIN	ALAMAT
1	ABDUR RAHMAN WAFI	L	KOTA PROBOLINGGO
2	SITI KHOLIFAH	P	KOTA PROBOLINGGO
L = 1, P = 1, L+P = 2
KOTA PROBOLINGGO
DAERAH PEMILIHAN 5 KADEMANGAN
NO URUT	NAMA	JENIS KELAMIN	ALAMAT
1	SHOLEH ROHIO, M.H.I	L	KOTA PROBOLINGGO
2	RIA EVI PERMADANI, S.Sos	P	KOTA PROBOLINGGO
L = 1, P = 1, L+P = 2
REKAPITULASI DAFTAR CALON TETAP
ANGGOTA DPRD KOTA PROBOLINGGO
PADA PEMILU TAHUN 2024 DAN
PEMENUHAN KETERWAKILAN PEREMPUAN
NO URUT	PARTAI POLITIK PESERTA PEMILU	AKRONIM	TOTAL DAFTAR CALON TETAP		% KETERWAKILAN PEREMPUAN
			L	P	
1	Partai Kebangkitan Bangsa	PKB	20	10	33.33 %
2	Partai Gerakan Indonesia Raya	Gerindra	15	14	48.28 %
3	Partai Demokrasi Indonesia Perjuangan	PDI Perjuangan	18	12	40%
4	Partai Golongan Karya	Partai Golkar	15	15	50%
5	Partai NasDem	Nasdem	18	12	40%
6	Partai Buruh	Partai Buruh	2	2	50 %
7	Partai Gelombang Rakyat Indonesia	Gelora Indonesia	4	2	33.33 %
8	Partai Keadilan Sejahtera	PKS	18	12	40%
9	Partai Kebangkitan Nusantara	PKN	1	0	0%
10	Partai Hati Nurani Rakyat	HANURA	5	5	50%
11	Partai Garda Republik Indonesia	Partai Garuda	0	0	0%
12	Partai Amanat Nasional	PAN	14	16	53.33%
13	Partai Bulan Bintang	PBB	1	0	0%
14	Partai Demokrat	PD	8	8	50%
15	Partai Solidaritas Indonesia	PSI	5	4	44.44 %
16	Partai Perindo	Perindo	1	0	0%
17	Partai Persatuan Pembangunan	PPP	19	11	36.67 %
24	Partai Ummat	Partai Ummat	4	5	55.56 %
SCAN
BARCODE
DCT
KPU Kota
Probolinggo
SURA SULU
DCT KOPROL
